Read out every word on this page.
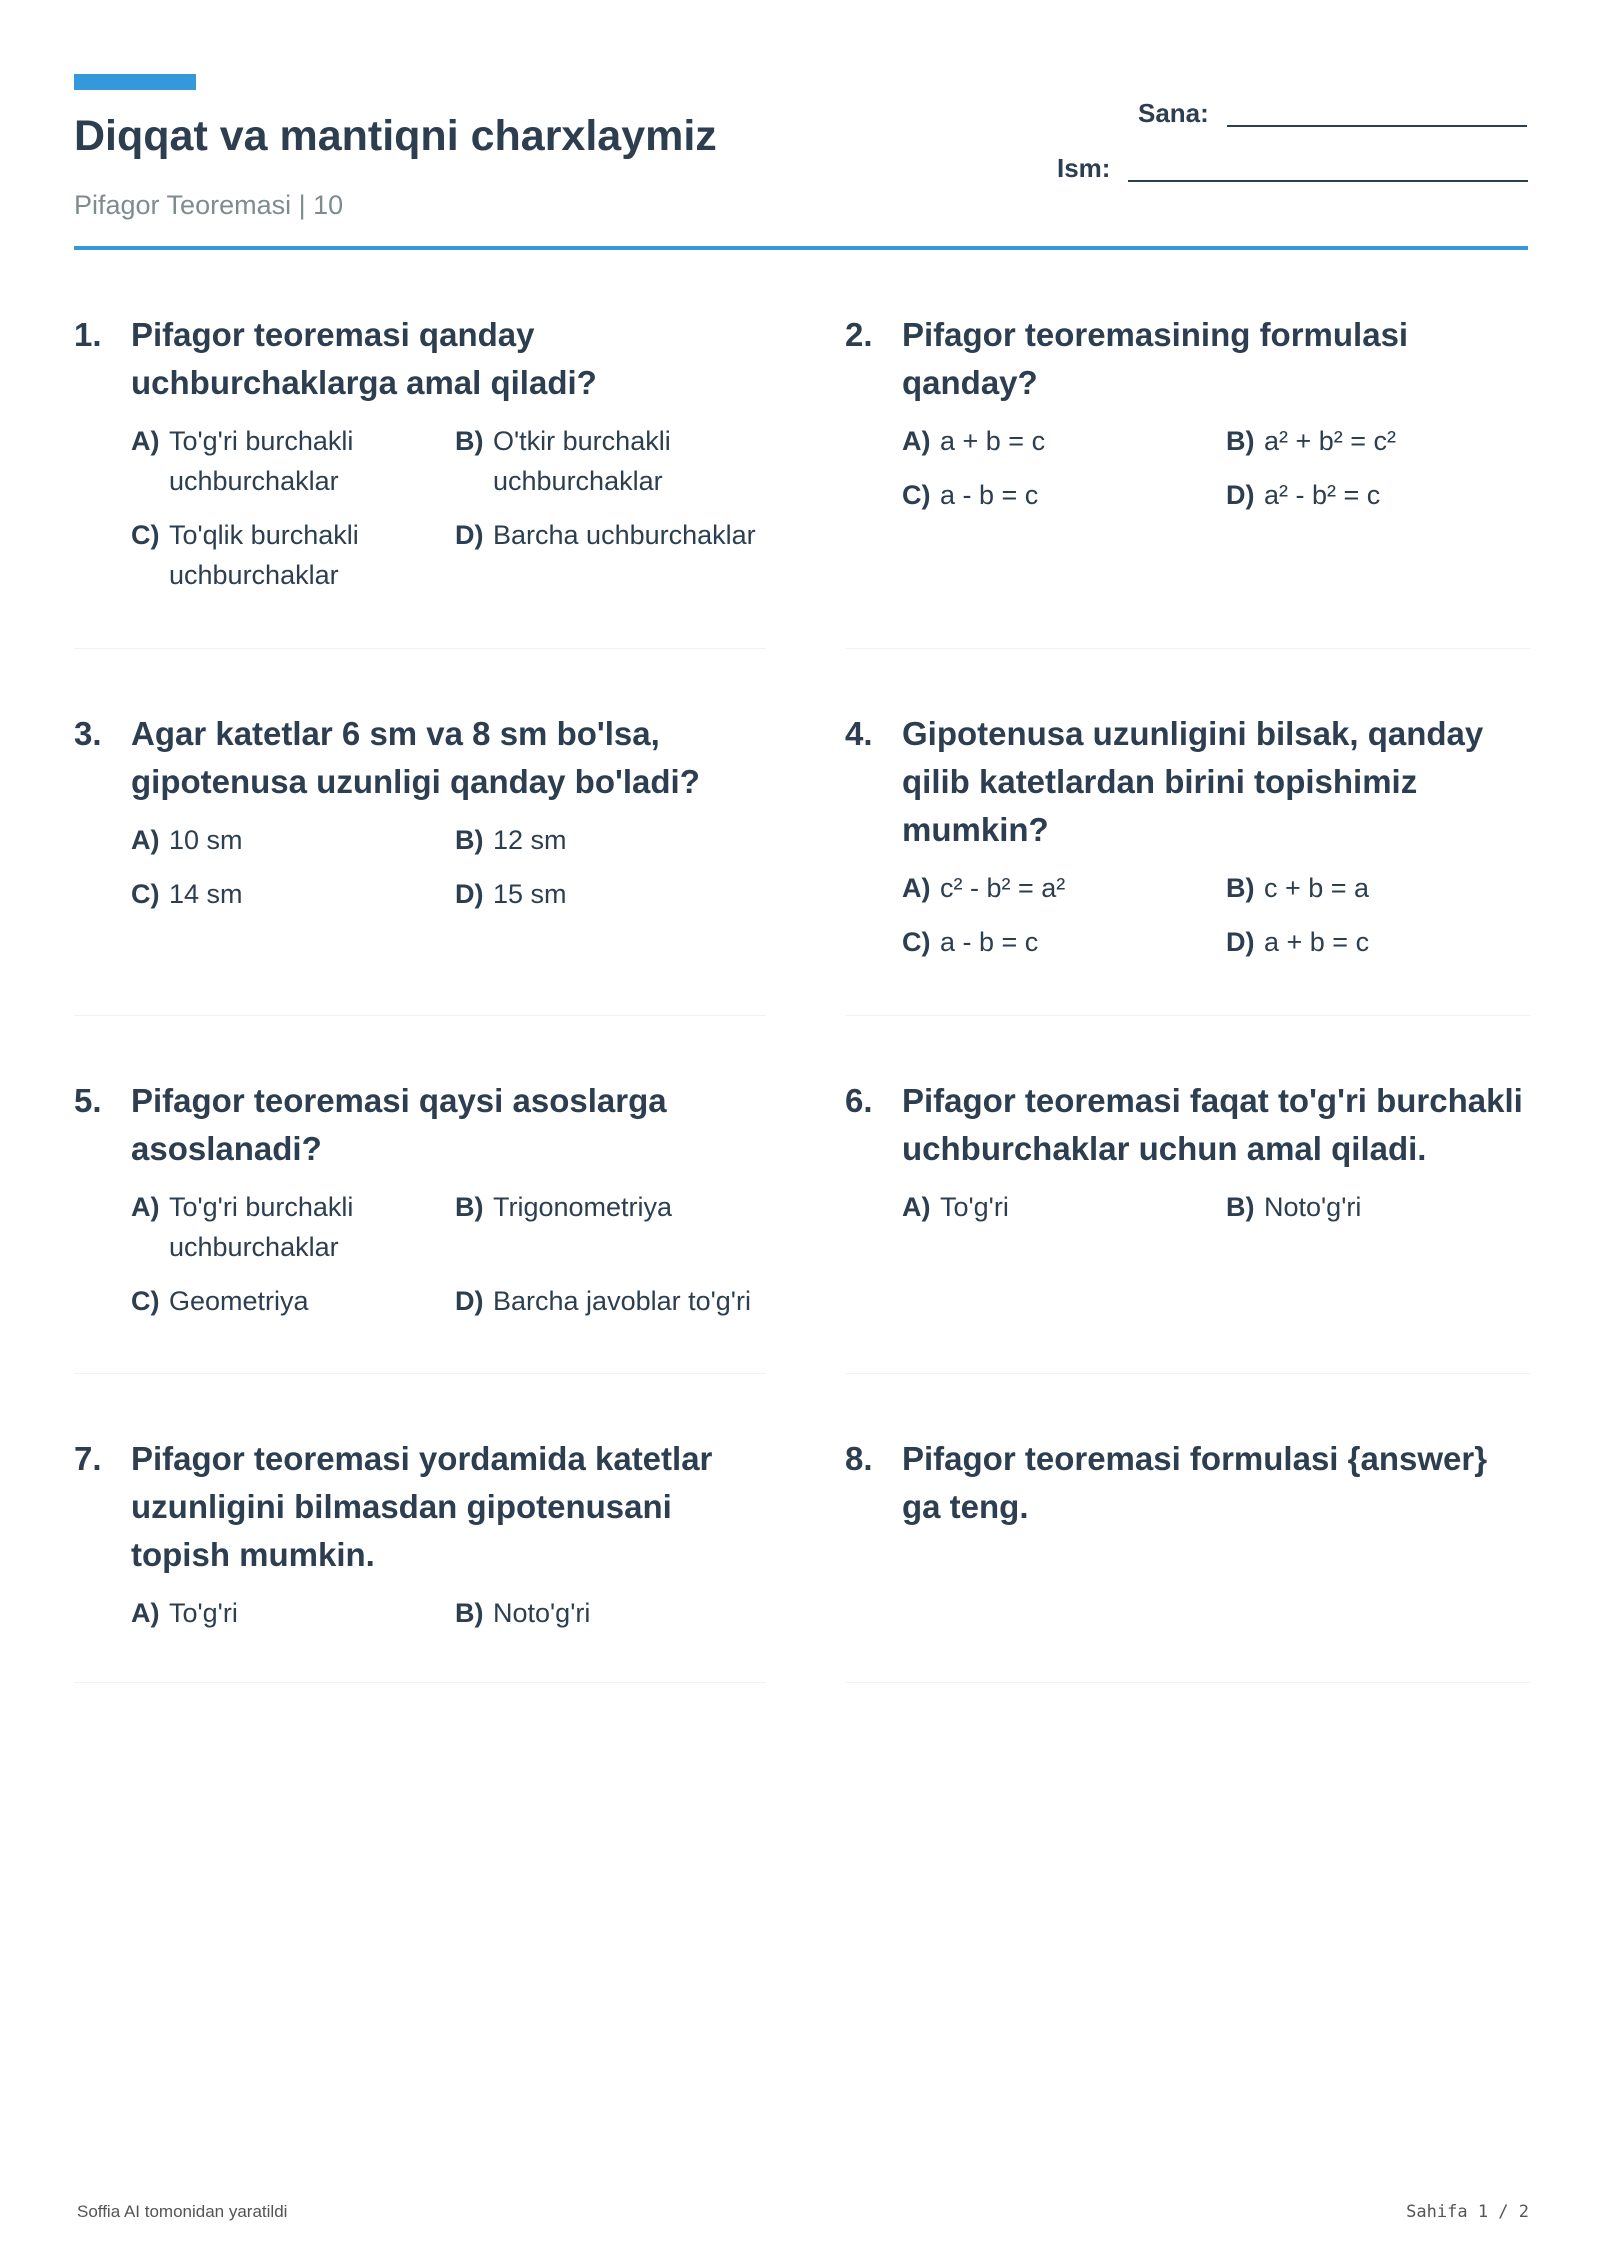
Diqqat va mantiqni charxlaymiz
Pifagor Teoremasi | 10
Sana:
Ism:
1. Pifagor teoremasi qanday uchburchaklarga amal qiladi?
A) To'g'ri burchakli uchburchaklar
B) O'tkir burchakli uchburchaklar
C) To'qlik burchakli uchburchaklar
D) Barcha uchburchaklar
2. Pifagor teoremasining formulasi qanday?
A) a + b = c	B) a² + b² = c²
C) a - b = c	D) a² - b² = c
3. Agar katetlar 6 sm va 8 sm bo'lsa, gipotenusa uzunligi qanday bo'ladi?
A) 10 sm	B) 12 sm
C) 14 sm	D) 15 sm
4. Gipotenusa uzunligini bilsak, qanday qilib katetlardan birini topishimiz mumkin?
A) c² - b² = a²	B) c + b = a
C) a - b = c	D) a + b = c
5. Pifagor teoremasi qaysi asoslarga asoslanadi?
A) To'g'ri burchakli uchburchaklar
B) Trigonometriya
C) Geometriya	D) Barcha javoblar to'g'ri
6. Pifagor teoremasi faqat to'g'ri burchakli uchburchaklar uchun amal qiladi.
A) To'g'ri	B) Noto'g'ri
7. Pifagor teoremasi yordamida katetlar uzunligini bilmasdan gipotenusani topish mumkin.
A) To'g'ri	B) Noto'g'ri
8. Pifagor teoremasi formulasi {answer} ga teng.
Soffia AI tomonidan yaratildi	Sahifa 1 / 2
